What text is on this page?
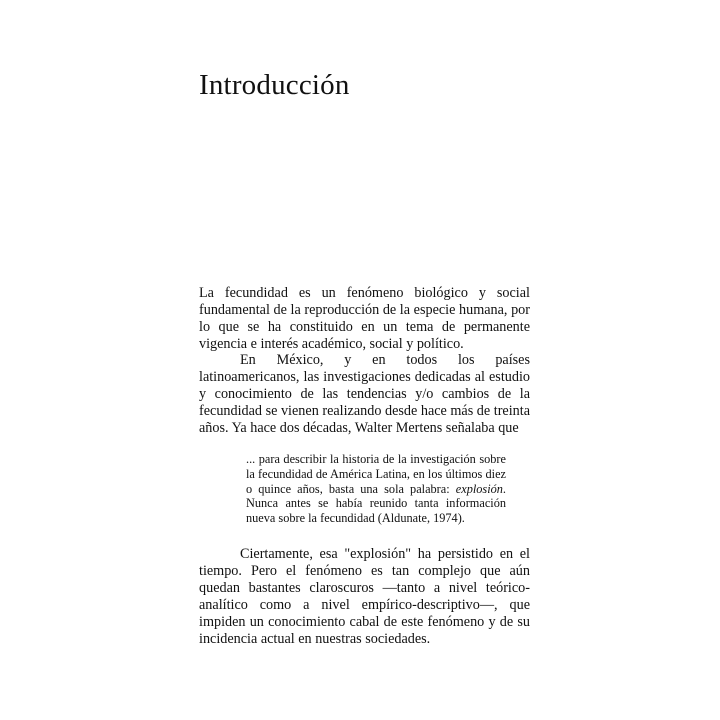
Introducción

La fecundidad es un fenómeno biológico y social fundamental de la reproducción de la especie humana, por lo que se ha constituido en un tema de permanente vigencia e interés académico, social y político.

En México, y en todos los países latinoamericanos, las investigaciones dedicadas al estudio y conocimiento de las tendencias y/o cambios de la fecundidad se vienen realizando desde hace más de treinta años. Ya hace dos décadas, Walter Mertens señalaba que

... para describir la historia de la investigación sobre la fecundidad de América Latina, en los últimos diez o quince años, basta una sola palabra: explosión. Nunca antes se había reunido tanta información nueva sobre la fecundidad (Aldunate, 1974).

Ciertamente, esa "explosión" ha persistido en el tiempo. Pero el fenómeno es tan complejo que aún quedan bastantes claroscuros —tanto a nivel teórico-analítico como a nivel empírico-descriptivo—, que impiden un conocimiento cabal de este fenómeno y de su incidencia actual en nuestras sociedades.
